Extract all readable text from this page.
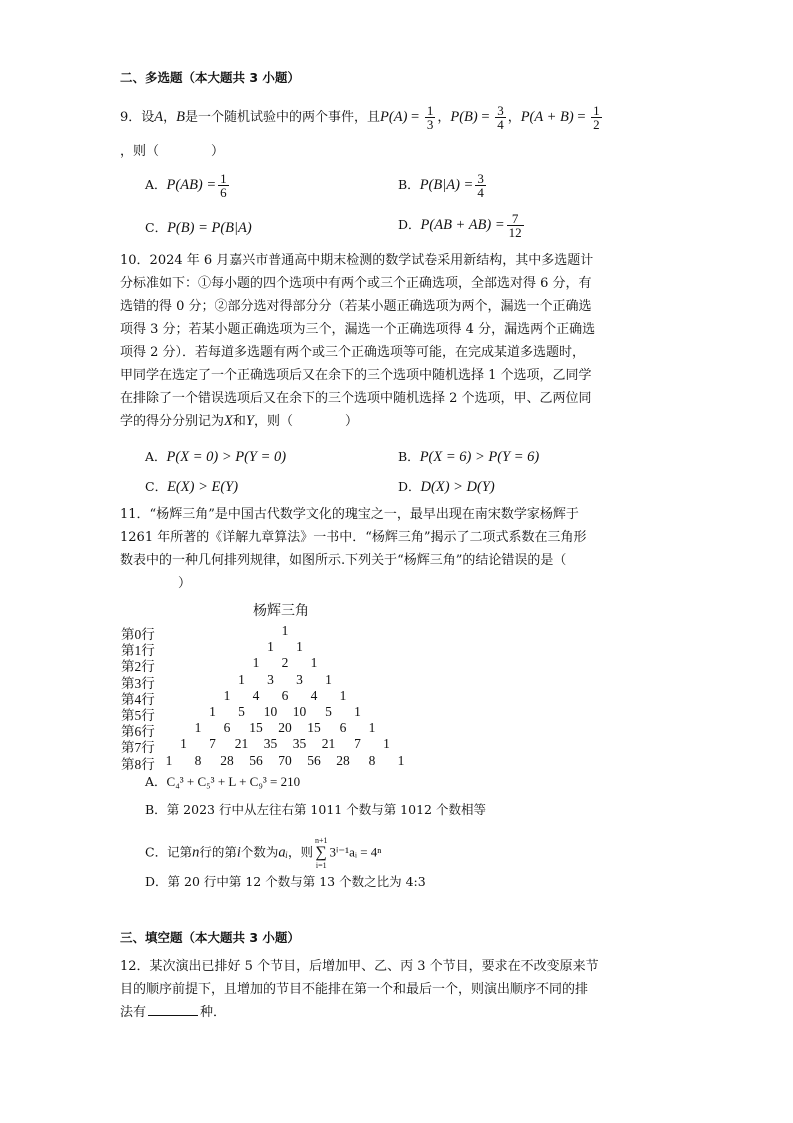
二、多选题（本大题共 3 小题）
9．设A，B是一个随机试验中的两个事件，且$P(A) = \frac{1}{3}$ ，$P(B) = \frac{3}{4}$ ，$P(A + B) = \frac{1}{2}$
，则（　　　　）
A．$P(AB) = \frac{1}{6}$	B．$P(B|A) = \frac{3}{4}$
C．P(B) = P(B|A)	D．$P(AB + AB) = \frac{7}{12}$
10．2024 年 6 月嘉兴市普通高中期末检测的数学试卷采用新结构，其中多选题计
分标准如下：①每小题的四个选项中有两个或三个正确选项，全部选对得 6 分，有
选错的得 0 分；②部分选对得部分分（若某小题正确选项为两个，漏选一个正确选
项得 3 分；若某小题正确选项为三个，漏选一个正确选项得 4 分，漏选两个正确选
项得 2 分）．若每道多选题有两个或三个正确选项等可能，在完成某道多选题时，
甲同学在选定了一个正确选项后又在余下的三个选项中随机选择 1 个选项，乙同学
在排除了一个错误选项后又在余下的三个选项中随机选择 2 个选项，甲、乙两位同
学的得分分别记为X和Y，则（　　　　）
A．P(X = 0) > P(Y = 0)	B．P(X = 6) > P(Y = 6)
C．E(X) > E(Y)	D．D(X) > D(Y)
11．“杨辉三角”是中国古代数学文化的瑰宝之一，最早出现在南宋数学家杨辉于
1261 年所著的《详解九章算法》一书中．“杨辉三角”揭示了二项式系数在三角形
数表中的一种几何排列规律，如图所示.下列关于“杨辉三角”的结论错误的是（
）
杨辉三角
第0行	1
第1行	1	1
第2行	1	2	1
第3行	1	3	3	1
第4行	1	4	6	4	1
第5行	1	5	10	10	5	1
第6行	1	6	15	20	15	6	1
第7行	1	7	21	35	35	21	7	1
第8行 1	8	28	56	70	56	28	8	1
A．C₄³ + C₅³ + L + C₉³ = 210
B．第 2023 行中从左往右第 1011 个数与第 1012 个数相等
C．记第n行的第i个数为aᵢ，则
n+1
∑
i=1
3ⁱ⁻¹aᵢ = 4ⁿ
D．第 20 行中第 12 个数与第 13 个数之比为 4:3
三、填空题（本大题共 3 小题）
12．某次演出已排好 5 个节目，后增加甲、乙、丙 3 个节目，要求在不改变原来节
目的顺序前提下，且增加的节目不能排在第一个和最后一个，则演出顺序不同的排
法有	种．
